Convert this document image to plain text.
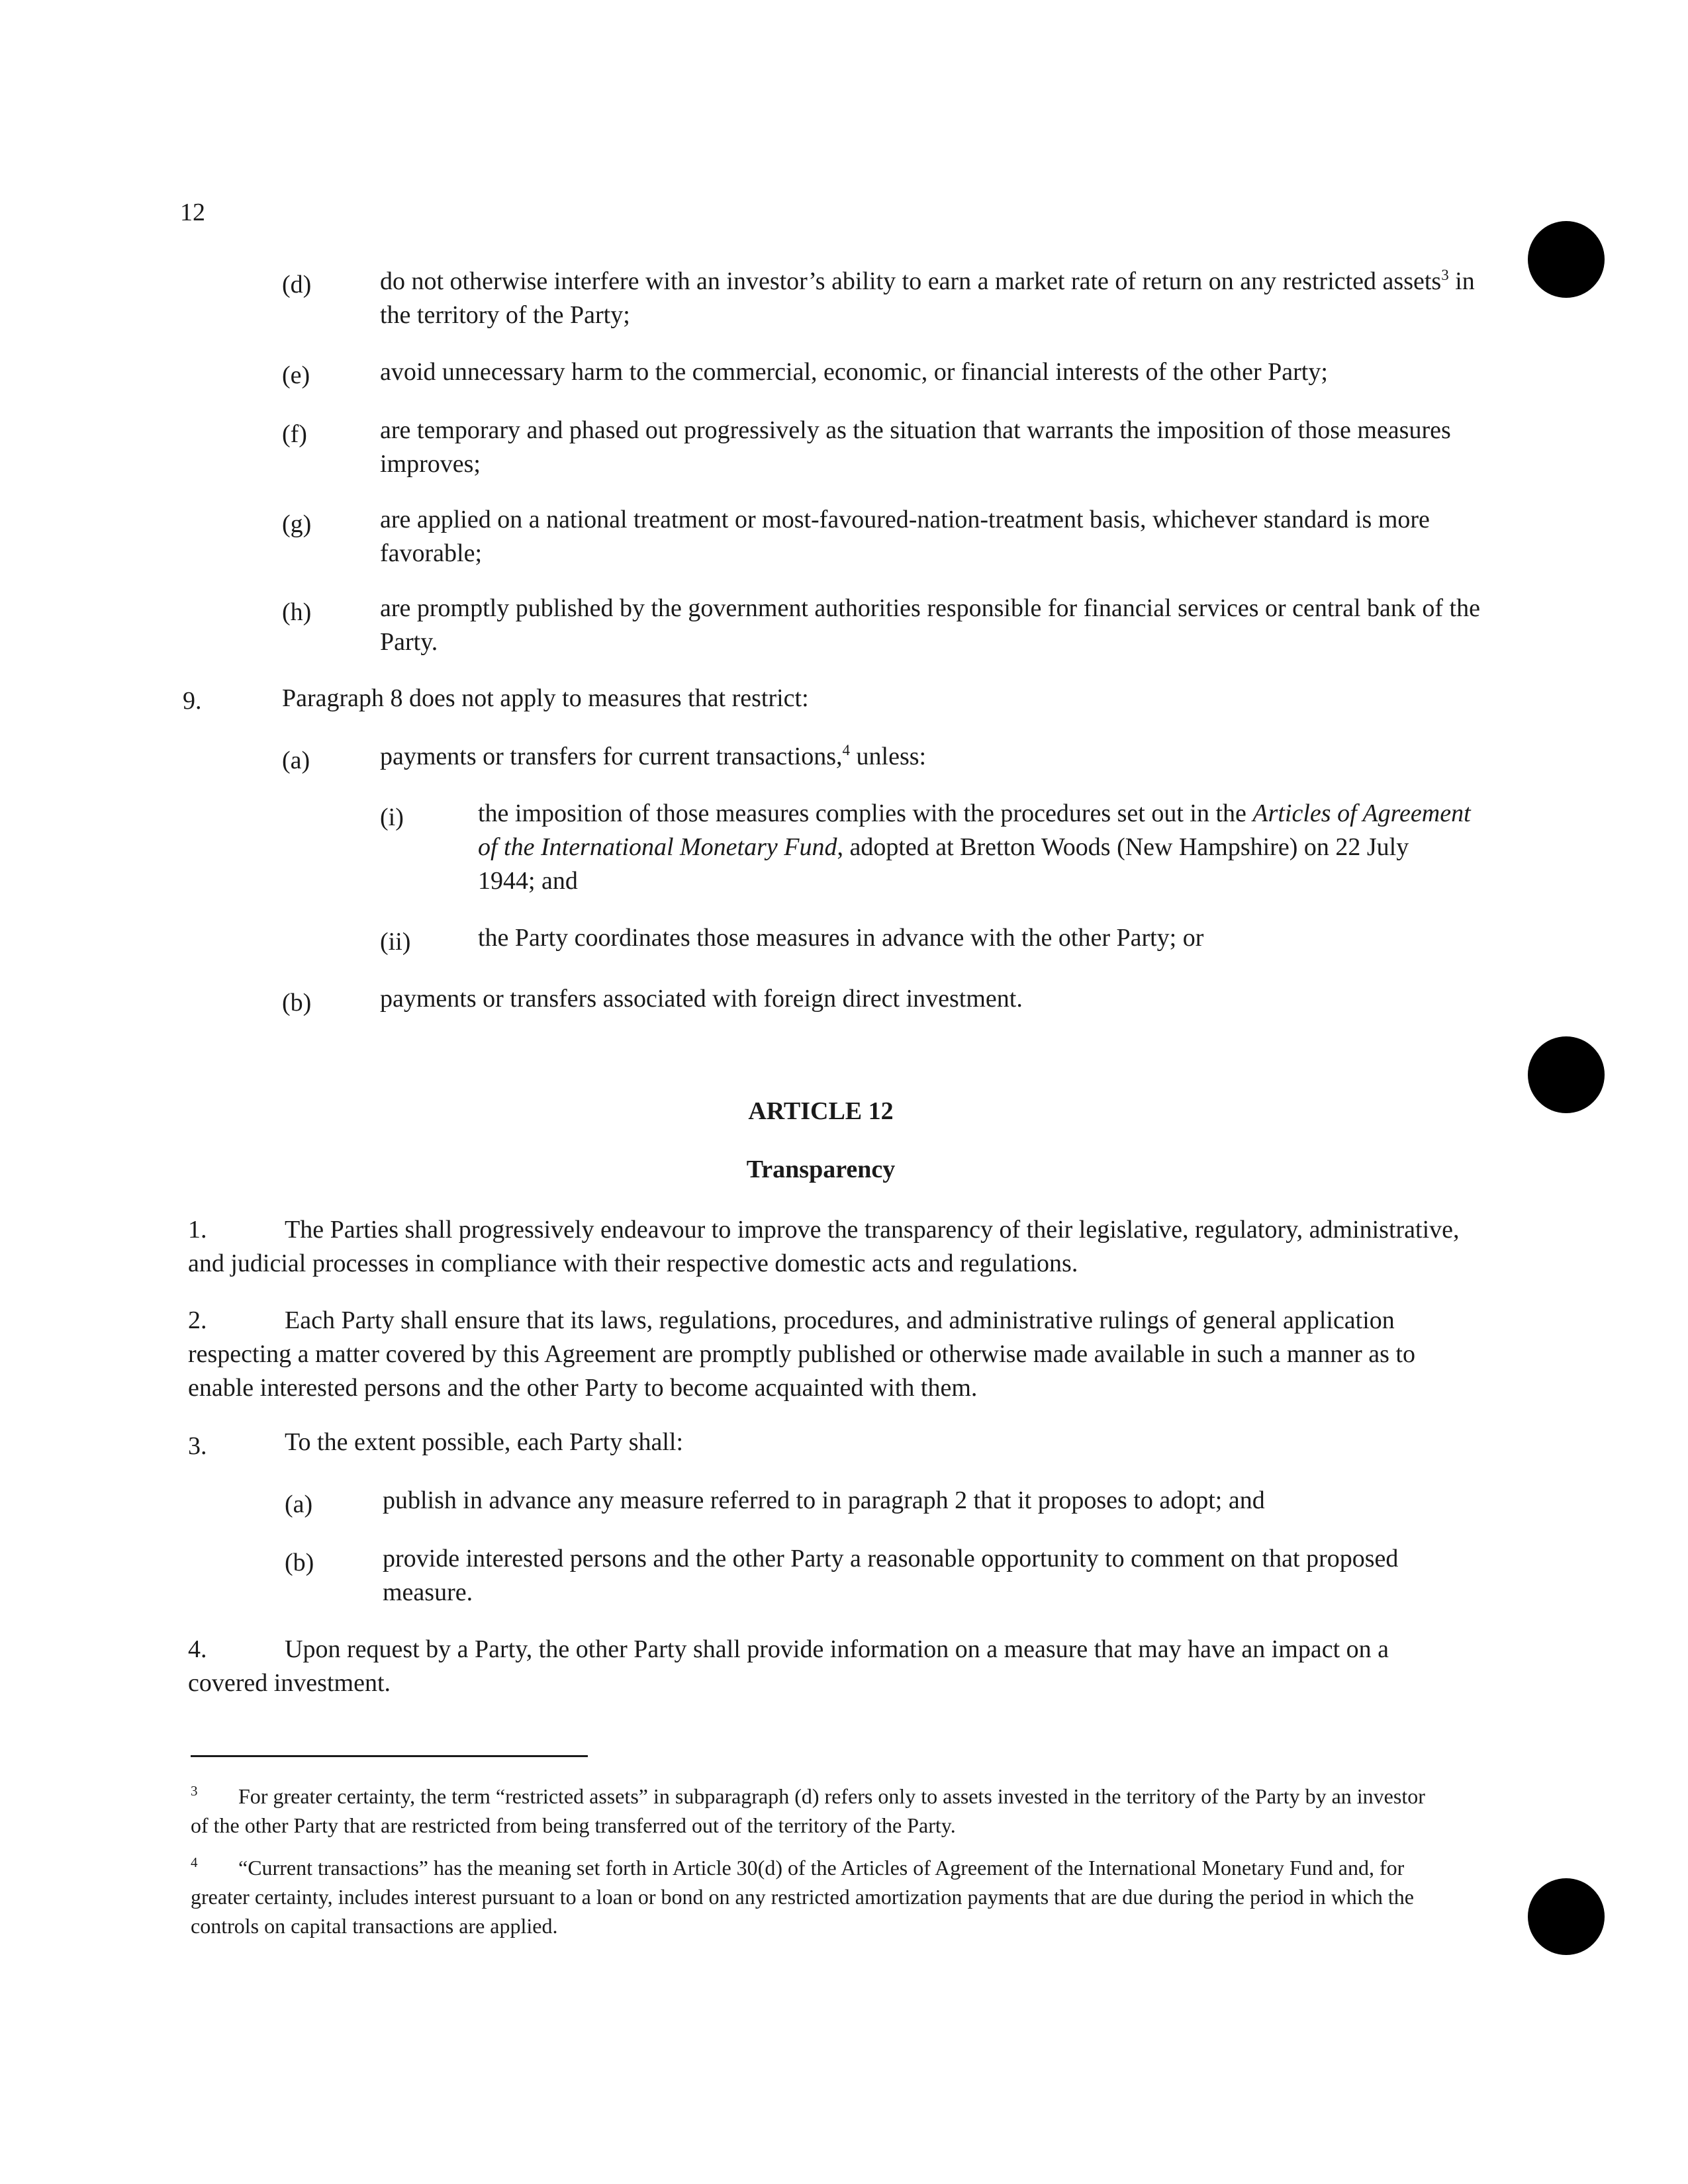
12
(d)	do not otherwise interfere with an investor’s ability to earn a market rate of return on any restricted assets$^3$ in the territory of the Party;
(e)	avoid unnecessary harm to the commercial, economic, or financial interests of the other Party;
(f)	are temporary and phased out progressively as the situation that warrants the imposition of those measures improves;
(g)	are applied on a national treatment or most-favoured-nation-treatment basis, whichever standard is more favorable;
(h)	are promptly published by the government authorities responsible for financial services or central bank of the Party.
9.	Paragraph 8 does not apply to measures that restrict:
(a)	payments or transfers for current transactions,$^4$ unless:
(i)	the imposition of those measures complies with the procedures set out in the Articles of Agreement of the International Monetary Fund, adopted at Bretton Woods (New Hampshire) on 22 July 1944; and
(ii)	the Party coordinates those measures in advance with the other Party; or
(b)	payments or transfers associated with foreign direct investment.
ARTICLE 12
Transparency
1.	The Parties shall progressively endeavour to improve the transparency of their legislative, regulatory, administrative, and judicial processes in compliance with their respective domestic acts and regulations.
2.	Each Party shall ensure that its laws, regulations, procedures, and administrative rulings of general application respecting a matter covered by this Agreement are promptly published or otherwise made available in such a manner as to enable interested persons and the other Party to become acquainted with them.
3.	To the extent possible, each Party shall:
(a)	publish in advance any measure referred to in paragraph 2 that it proposes to adopt; and
(b)	provide interested persons and the other Party a reasonable opportunity to comment on that proposed measure.
4.	Upon request by a Party, the other Party shall provide information on a measure that may have an impact on a covered investment.
3 For greater certainty, the term “restricted assets” in subparagraph (d) refers only to assets invested in the territory of the Party by an investor of the other Party that are restricted from being transferred out of the territory of the Party.
4 “Current transactions” has the meaning set forth in Article 30(d) of the Articles of Agreement of the International Monetary Fund and, for greater certainty, includes interest pursuant to a loan or bond on any restricted amortization payments that are due during the period in which the controls on capital transactions are applied.
